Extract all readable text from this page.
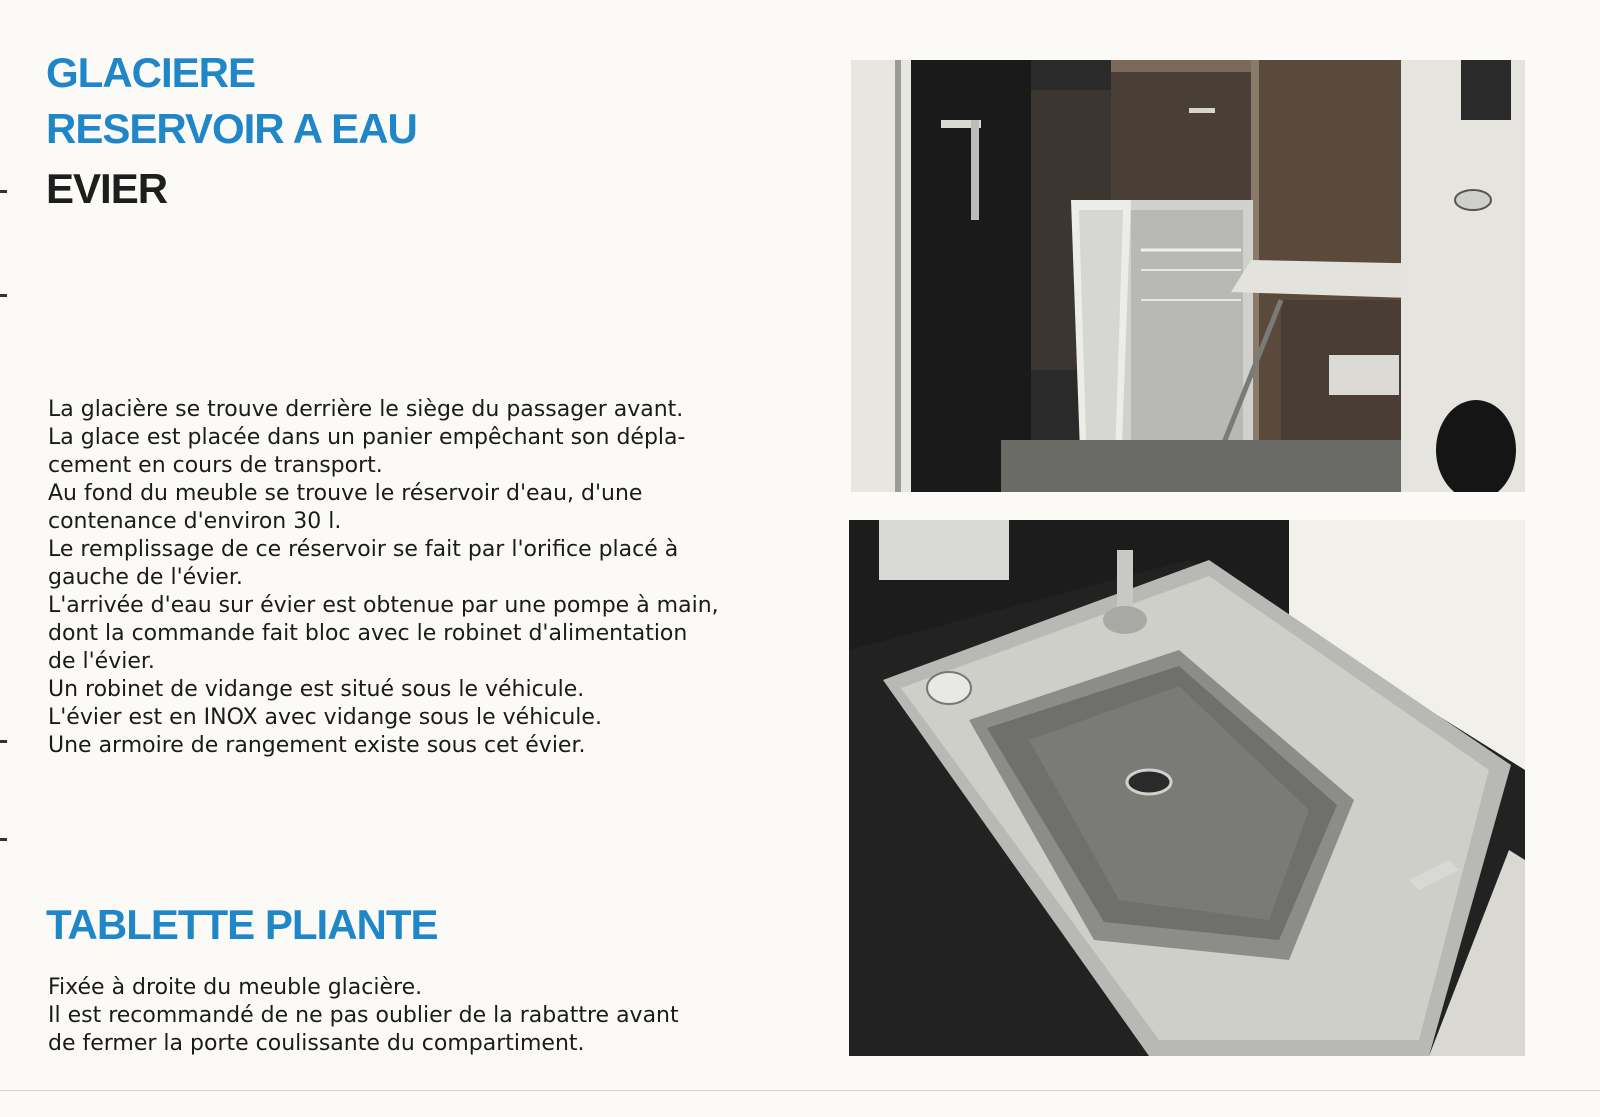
GLACIERE
RESERVOIR A EAU
EVIER

La glacière se trouve derrière le siège du passager avant.

La glace est placée dans un panier empêchant son dépla-

cement en cours de transport.

Au fond du meuble se trouve le réservoir d'eau, d'une

contenance d'environ 30 l.

Le remplissage de ce réservoir se fait par l'orifice placé à

gauche de l'évier.

L'arrivée d'eau sur évier est obtenue par une pompe à main,

dont la commande fait bloc avec le robinet d'alimentation

de l'évier.

Un robinet de vidange est situé sous le véhicule.

L'évier est en INOX avec vidange sous le véhicule.

Une armoire de rangement existe sous cet évier.

TABLETTE PLIANTE

Fixée à droite du meuble glacière.

Il est recommandé de ne pas oublier de la rabattre avant

de fermer la porte coulissante du compartiment.
